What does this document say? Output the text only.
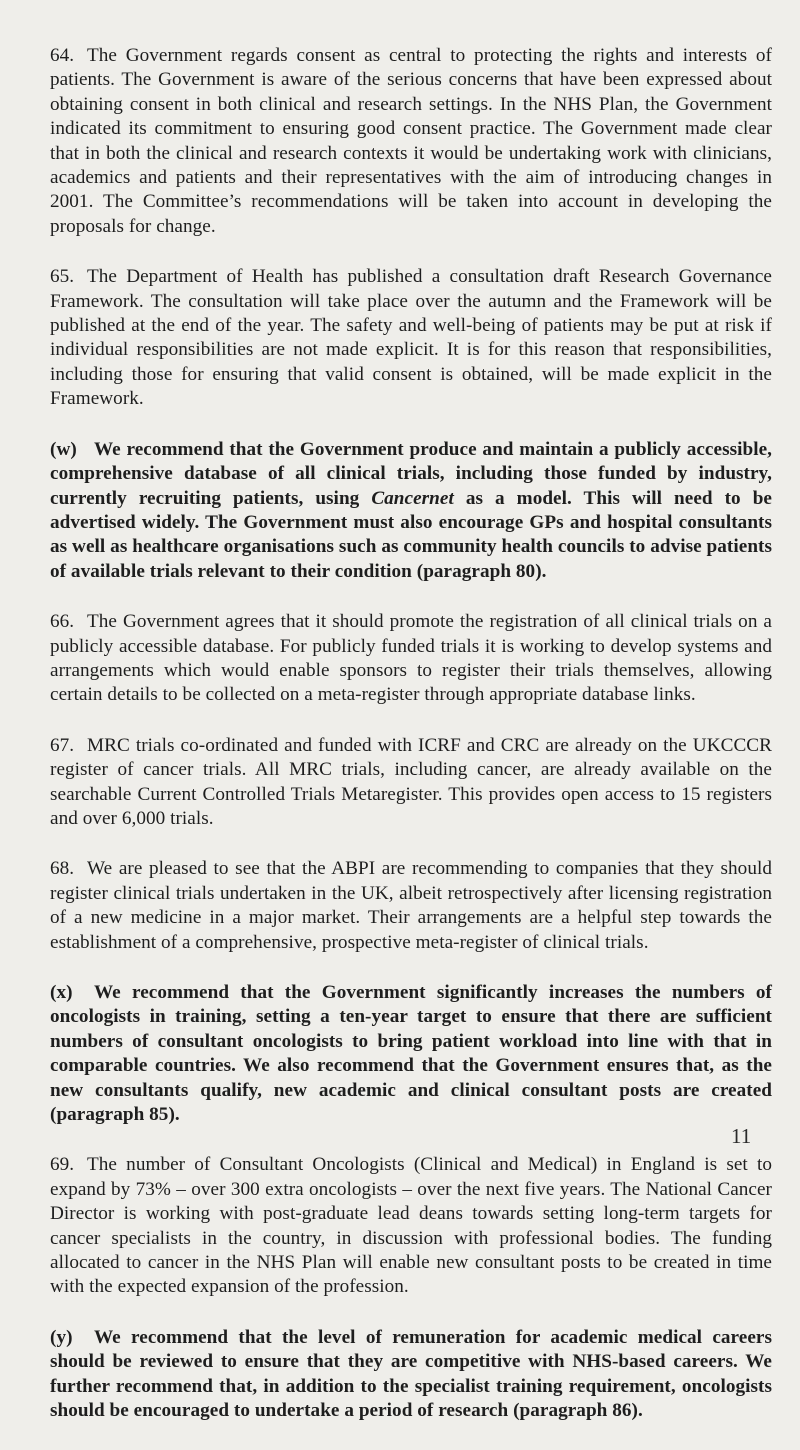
64. The Government regards consent as central to protecting the rights and interests of patients. The Government is aware of the serious concerns that have been expressed about obtaining consent in both clinical and research settings. In the NHS Plan, the Government indicated its commitment to ensuring good consent practice. The Government made clear that in both the clinical and research contexts it would be undertaking work with clinicians, academics and patients and their representatives with the aim of introducing changes in 2001. The Committee’s recommendations will be taken into account in developing the proposals for change.

65. The Department of Health has published a consultation draft Research Governance Framework. The consultation will take place over the autumn and the Framework will be published at the end of the year. The safety and well-being of patients may be put at risk if individual responsibilities are not made explicit. It is for this reason that responsibilities, including those for ensuring that valid consent is obtained, will be made explicit in the Framework.

(w) We recommend that the Government produce and maintain a publicly accessible, comprehensive database of all clinical trials, including those funded by industry, currently recruiting patients, using Cancernet as a model. This will need to be advertised widely. The Government must also encourage GPs and hospital consultants as well as healthcare organisations such as community health councils to advise patients of available trials relevant to their condition (paragraph 80).

66. The Government agrees that it should promote the registration of all clinical trials on a publicly accessible database. For publicly funded trials it is working to develop systems and arrangements which would enable sponsors to register their trials themselves, allowing certain details to be collected on a meta-register through appropriate database links.

67. MRC trials co-ordinated and funded with ICRF and CRC are already on the UKCCCR register of cancer trials. All MRC trials, including cancer, are already available on the searchable Current Controlled Trials Metaregister. This provides open access to 15 registers and over 6,000 trials.

68. We are pleased to see that the ABPI are recommending to companies that they should register clinical trials undertaken in the UK, albeit retrospectively after licensing registration of a new medicine in a major market. Their arrangements are a helpful step towards the establishment of a comprehensive, prospective meta-register of clinical trials.

(x) We recommend that the Government significantly increases the numbers of oncologists in training, setting a ten-year target to ensure that there are sufficient numbers of consultant oncologists to bring patient workload into line with that in comparable countries. We also recommend that the Government ensures that, as the new consultants qualify, new academic and clinical consultant posts are created (paragraph 85).

69. The number of Consultant Oncologists (Clinical and Medical) in England is set to expand by 73% – over 300 extra oncologists – over the next five years. The National Cancer Director is working with post-graduate lead deans towards setting long-term targets for cancer specialists in the country, in discussion with professional bodies. The funding allocated to cancer in the NHS Plan will enable new consultant posts to be created in time with the expected expansion of the profession.

(y) We recommend that the level of remuneration for academic medical careers should be reviewed to ensure that they are competitive with NHS-based careers. We further recommend that, in addition to the specialist training requirement, oncologists should be encouraged to undertake a period of research (paragraph 86).

11
